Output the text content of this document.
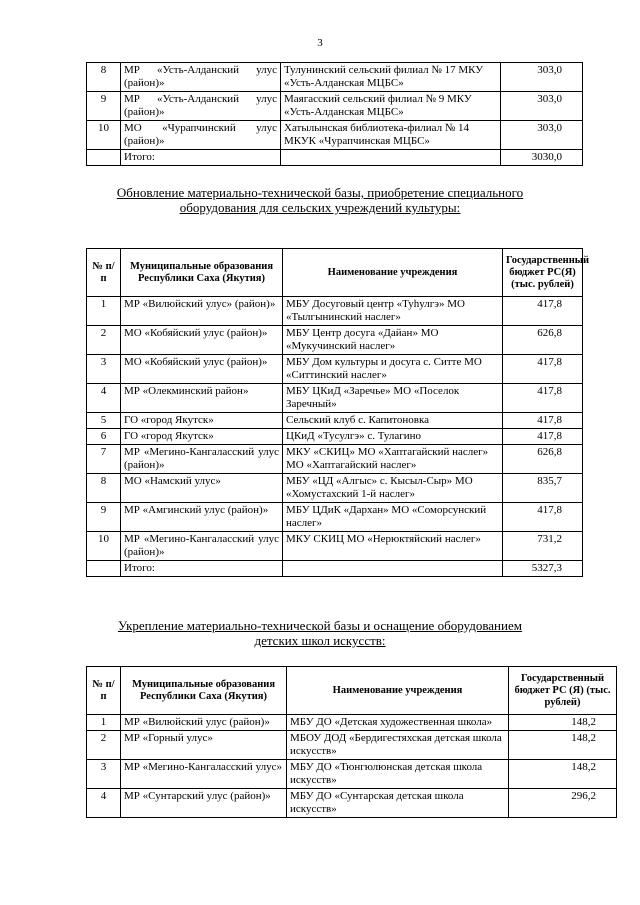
3
8	МР «Усть-Алданский улус (район)»	Тулунинский сельский филиал № 17 МКУ «Усть-Алданская МЦБС»	303,0
9	МР «Усть-Алданский улус (район)»	Маягасский сельский филиал № 9 МКУ «Усть-Алданская МЦБС»	303,0
10	МО «Чурапчинский улус (район)»	Хатылынская библиотека-филиал № 14 МКУК «Чурапчинская МЦБС»	303,0
	Итого:		3030,0
Обновление материально-технической базы, приобретение специального
оборудования для сельских учреждений культуры:
№ п/п	Муниципальные образования Республики Саха (Якутия)	Наименование учреждения	Государственный бюджет РС(Я) (тыс. рублей)
1	МР «Вилюйский улус» (район)»	МБУ Досуговый центр «Туһулгэ» МО «Тылгынинский наслег»	417,8
2	МО «Кобяйский улус (район)»	МБУ Центр досуга «Дайан» МО «Мукучинский наслег»	626,8
3	МО «Кобяйский улус (район)»	МБУ Дом культуры и досуга с. Ситте МО «Ситтинский наслег»	417,8
4	МР «Олекминский район»	МБУ ЦКиД «Заречье» МО «Поселок Заречный»	417,8
5	ГО «город Якутск»	Сельский клуб с. Капитоновка	417,8
6	ГО «город Якутск»	ЦКиД «Тусулгэ» с. Тулагино	417,8
7	МР «Мегино-Кангаласский улус (район)»	МКУ «СКИЦ» МО «Хаптагайский наслег» МО «Хаптагайский наслег»	626,8
8	МО «Намский улус»	МБУ «ЦД «Алгыс» с. Кысыл-Сыр» МО «Хомустахский 1-й наслег»	835,7
9	МР «Амгинский улус (район)»	МБУ ЦДиК «Дархан» МО «Соморсунский наслег»	417,8
10	МР «Мегино-Кангаласский улус (район)»	МКУ СКИЦ МО «Нерюктяйский наслег»	731,2
	Итого:		5327,3
Укрепление материально-технической базы и оснащение оборудованием
детских школ искусств:
№ п/п	Муниципальные образования Республики Саха (Якутия)	Наименование учреждения	Государственный бюджет РС (Я) (тыс. рублей)
1	МР «Вилюйский улус (район)»	МБУ ДО «Детская художественная школа»	148,2
2	МР «Горный улус»	МБОУ ДОД «Бердигестяхская детская школа искусств»	148,2
3	МР «Мегино-Кангаласский улус»	МБУ ДО «Тюнгюлюнская детская школа искусств»	148,2
4	МР «Сунтарский улус (район)»	МБУ ДО «Сунтарская детская школа искусств»	296,2
